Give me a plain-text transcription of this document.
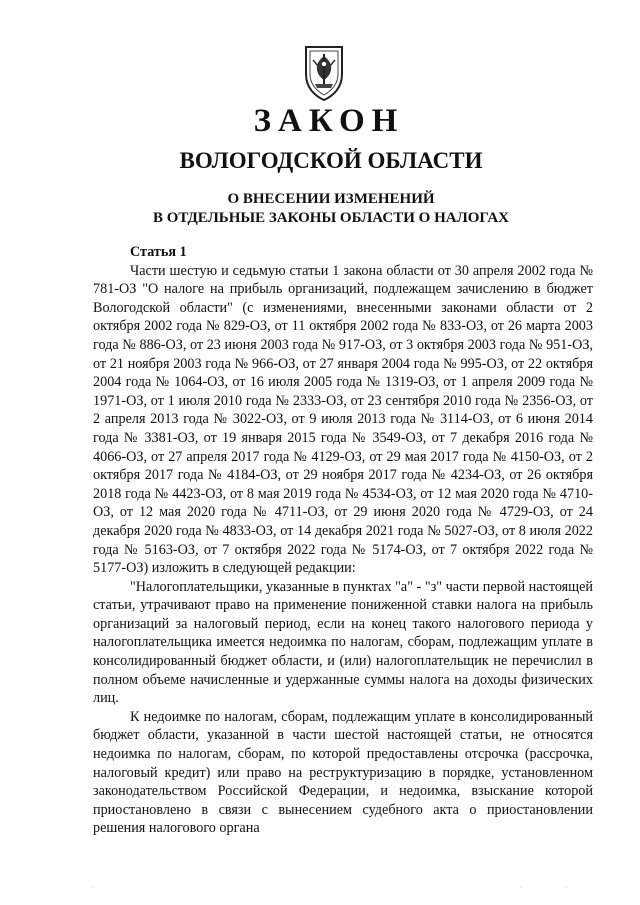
ЗАКОН
ВОЛОГОДСКОЙ ОБЛАСТИ
О ВНЕСЕНИИ ИЗМЕНЕНИЙ
В ОТДЕЛЬНЫЕ ЗАКОНЫ ОБЛАСТИ О НАЛОГАХ
Статья 1

Части шестую и седьмую статьи 1 закона области от 30 апреля 2002 года № 781-ОЗ "О налоге на прибыль организаций, подлежащем зачислению в бюджет Вологодской области" (с изменениями, внесенными законами области от 2 октября 2002 года № 829-ОЗ, от 11 октября 2002 года № 833-ОЗ, от 26 марта 2003 года № 886-ОЗ, от 23 июня 2003 года № 917-ОЗ, от 3 октября 2003 года № 951-ОЗ, от 21 ноября 2003 года № 966-ОЗ, от 27 января 2004 года № 995-ОЗ, от 22 октября 2004 года № 1064-ОЗ, от 16 июля 2005 года № 1319-ОЗ, от 1 апреля 2009 года № 1971-ОЗ, от 1 июля 2010 года № 2333-ОЗ, от 23 сентября 2010 года № 2356-ОЗ, от 2 апреля 2013 года № 3022-ОЗ, от 9 июля 2013 года № 3114-ОЗ, от 6 июня 2014 года № 3381-ОЗ, от 19 января 2015 года № 3549-ОЗ, от 7 декабря 2016 года № 4066-ОЗ, от 27 апреля 2017 года № 4129-ОЗ, от 29 мая 2017 года № 4150-ОЗ, от 2 октября 2017 года № 4184-ОЗ, от 29 ноября 2017 года № 4234-ОЗ, от 26 октября 2018 года № 4423-ОЗ, от 8 мая 2019 года № 4534-ОЗ, от 12 мая 2020 года № 4710-ОЗ, от 12 мая 2020 года № 4711-ОЗ, от 29 июня 2020 года № 4729-ОЗ, от 24 декабря 2020 года № 4833-ОЗ, от 14 декабря 2021 года № 5027-ОЗ, от 8 июля 2022 года № 5163-ОЗ, от 7 октября 2022 года № 5174-ОЗ, от 7 октября 2022 года № 5177-ОЗ) изложить в следующей редакции:

"Налогоплательщики, указанные в пунктах "а" - "з" части первой настоящей статьи, утрачивают право на применение пониженной ставки налога на прибыль организаций за налоговый период, если на конец такого налогового периода у налогоплательщика имеется недоимка по налогам, сборам, подлежащим уплате в консолидированный бюджет области, и (или) налогоплательщик не перечислил в полном объеме начисленные и удержанные суммы налога на доходы физических лиц.

К недоимке по налогам, сборам, подлежащим уплате в консолидированный бюджет области, указанной в части шестой настоящей статьи, не относятся недоимка по налогам, сборам, по которой предоставлены отсрочка (рассрочка, налоговый кредит) или право на реструктуризацию в порядке, установленном законодательством Российской Федерации, и недоимка, взыскание которой приостановлено в связи с вынесением судебного акта о приостановлении решения налогового органа

·	·	·
